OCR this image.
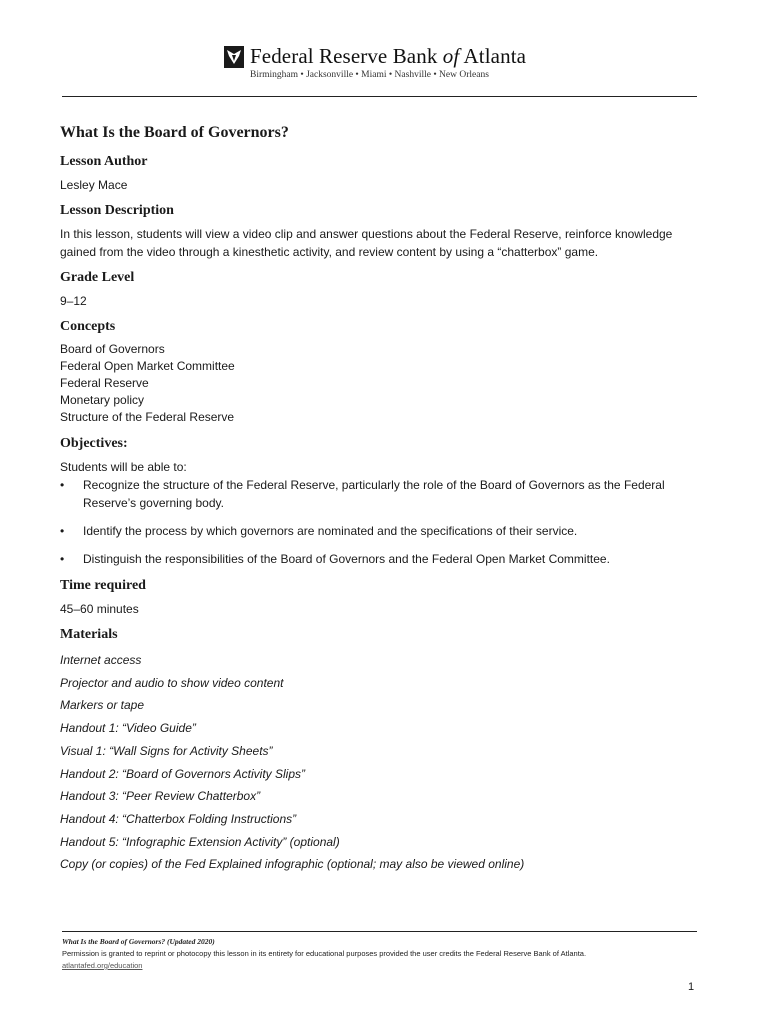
Federal Reserve Bank of Atlanta
Birmingham • Jacksonville • Miami • Nashville • New Orleans
What Is the Board of Governors?
Lesson Author
Lesley Mace
Lesson Description
In this lesson, students will view a video clip and answer questions about the Federal Reserve, reinforce knowledge gained from the video through a kinesthetic activity, and review content by using a “chatterbox” game.
Grade Level
9–12
Concepts
Board of Governors
Federal Open Market Committee
Federal Reserve
Monetary policy
Structure of the Federal Reserve
Objectives:
Students will be able to:
• Recognize the structure of the Federal Reserve, particularly the role of the Board of Governors as the Federal Reserve’s governing body.
• Identify the process by which governors are nominated and the specifications of their service.
• Distinguish the responsibilities of the Board of Governors and the Federal Open Market Committee.
Time required
45–60 minutes
Materials
Internet access
Projector and audio to show video content
Markers or tape
Handout 1: “Video Guide”
Visual 1: “Wall Signs for Activity Sheets”
Handout 2: “Board of Governors Activity Slips”
Handout 3: “Peer Review Chatterbox”
Handout 4: “Chatterbox Folding Instructions”
Handout 5: “Infographic Extension Activity” (optional)
Copy (or copies) of the Fed Explained infographic (optional; may also be viewed online)
What Is the Board of Governors? (Updated 2020)
Permission is granted to reprint or photocopy this lesson in its entirety for educational purposes provided the user credits the Federal Reserve Bank of Atlanta.
atlantafed.org/education
1
